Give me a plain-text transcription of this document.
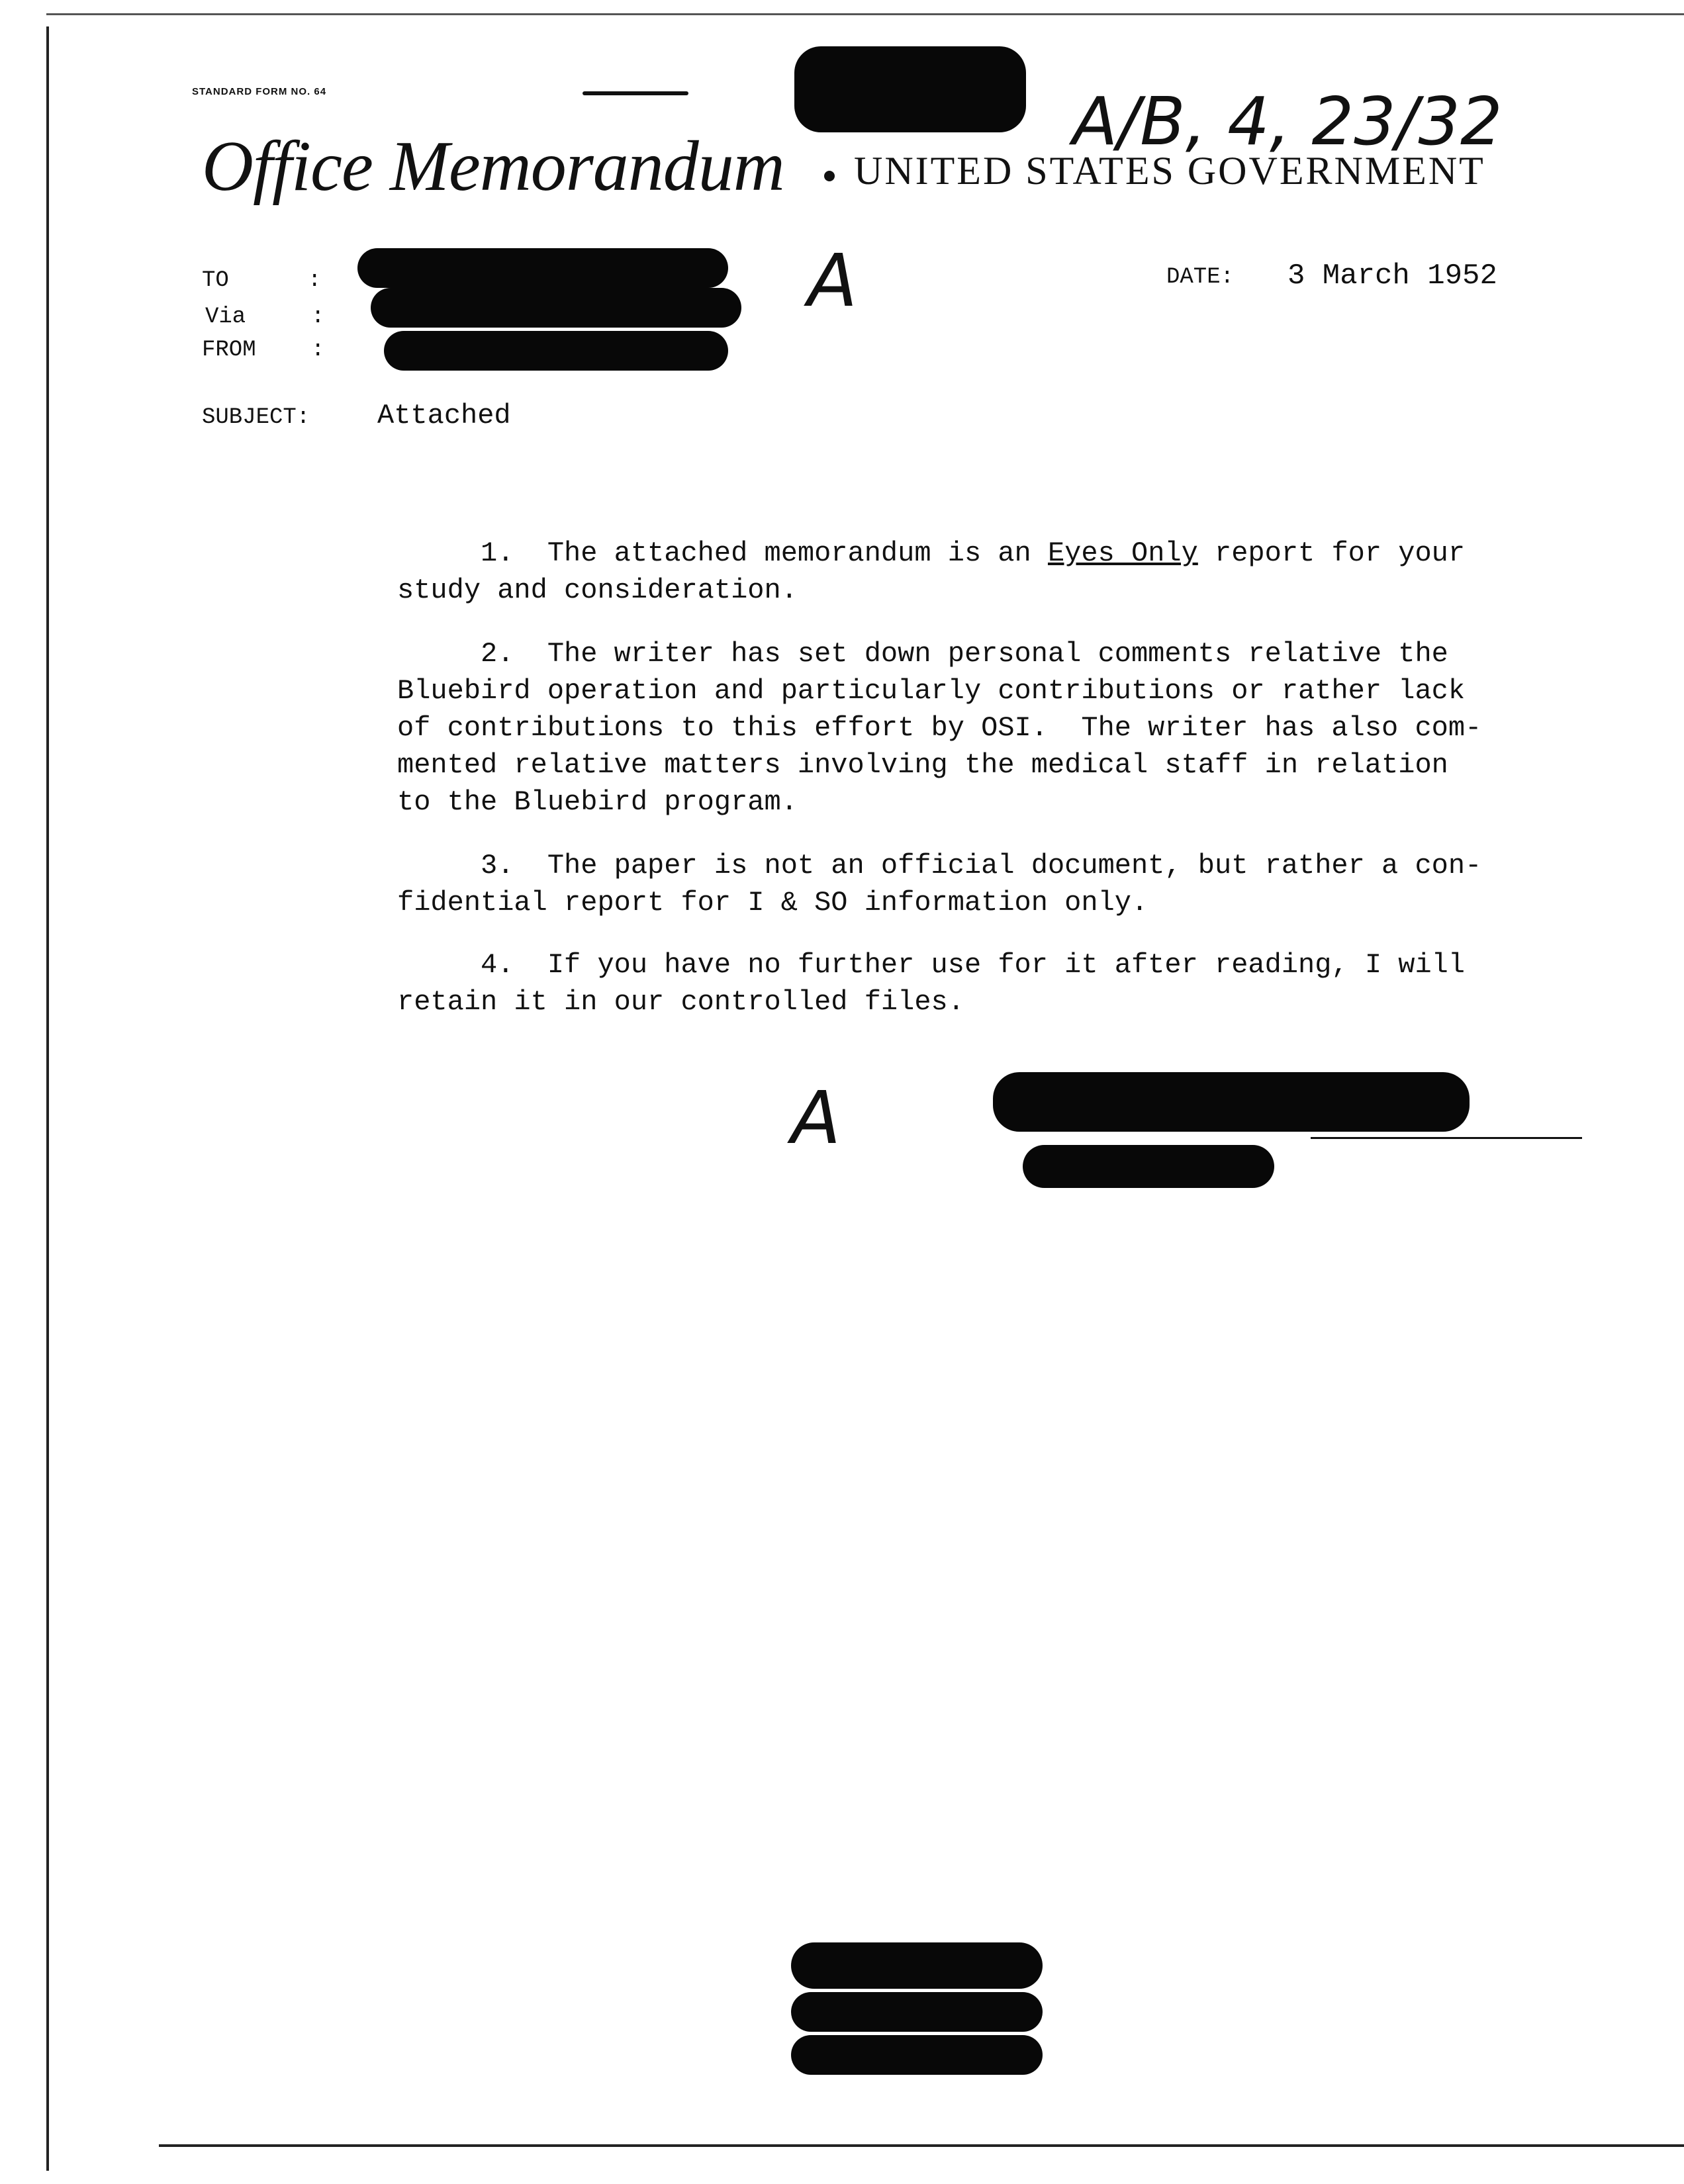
STANDARD FORM NO. 64
Office Memorandum UNITED STATES GOVERNMENT
A/B, 4, 23/32
TO	:
Via	:
FROM :
A	DATE: 3 March 1952
SUBJECT: Attached
1.  The attached memorandum is an Eyes Only report for your
study and consideration.
2.  The writer has set down personal comments relative the
Bluebird operation and particularly contributions or rather lack
of contributions to this effort by OSI.  The writer has also com-
mented relative matters involving the medical staff in relation
to the Bluebird program.
3.  The paper is not an official document, but rather a con-
fidential report for I & SO information only.
4.  If you have no further use for it after reading, I will
retain it in our controlled files.
A
